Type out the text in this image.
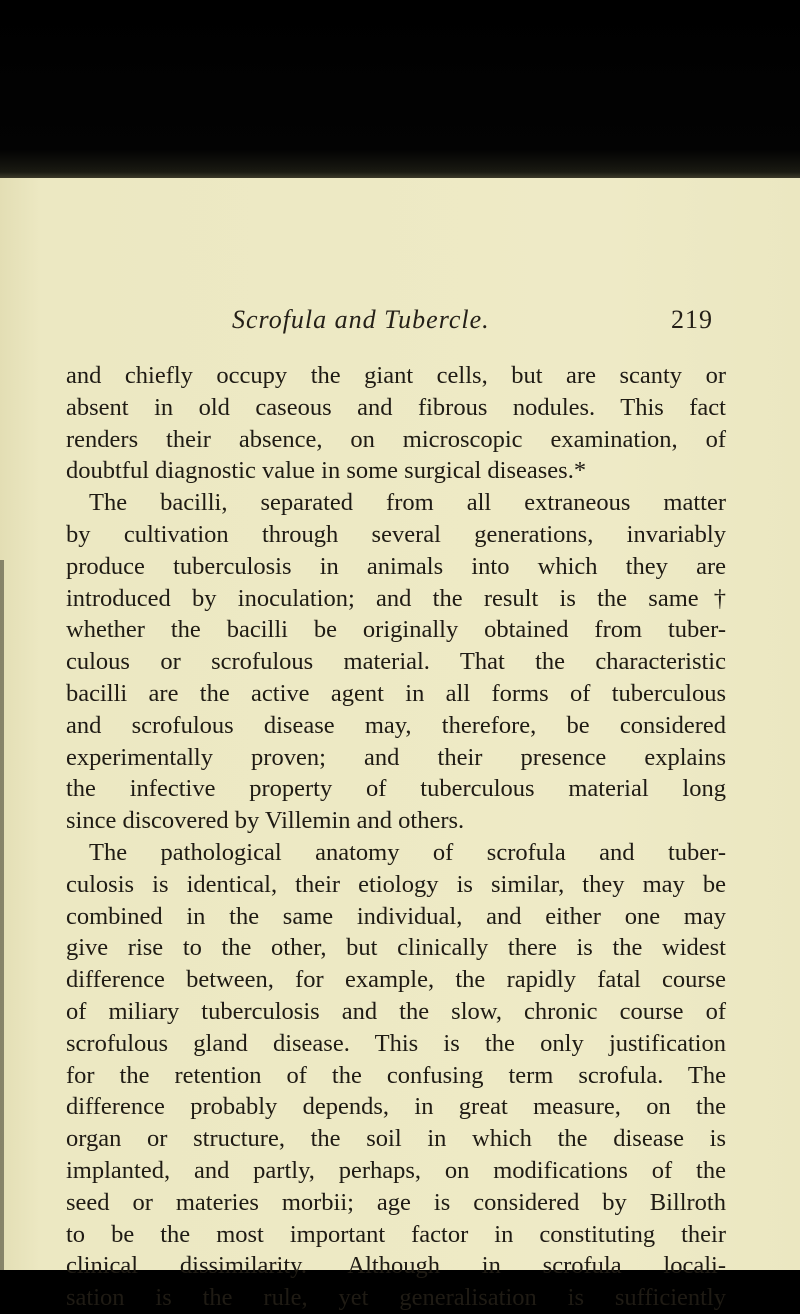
Scrofula and Tubercle.	219
and chiefly occupy the giant cells, but are scanty or
absent in old caseous and fibrous nodules. This fact
renders their absence, on microscopic examination, of
doubtful diagnostic value in some surgical diseases.*
The bacilli, separated from all extraneous matter
by cultivation through several generations, invariably
produce tuberculosis in animals into which they are
introduced by inoculation; and the result is the same†
whether the bacilli be originally obtained from tuber-
culous or scrofulous material. That the characteristic
bacilli are the active agent in all forms of tuberculous
and scrofulous disease may, therefore, be considered
experimentally proven; and their presence explains
the infective property of tuberculous material long
since discovered by Villemin and others.
The pathological anatomy of scrofula and tuber-
culosis is identical, their etiology is similar, they may be
combined in the same individual, and either one may
give rise to the other, but clinically there is the widest
difference between, for example, the rapidly fatal course
of miliary tuberculosis and the slow, chronic course of
scrofulous gland disease. This is the only justification
for the retention of the confusing term scrofula. The
difference probably depends, in great measure, on the
organ or structure, the soil in which the disease is
implanted, and partly, perhaps, on modifications of the
seed or materies morbii; age is considered by Billroth
to be the most important factor in constituting their
clinical dissimilarity. Although in scrofula locali-
sation is the rule, yet generalisation is sufficiently
